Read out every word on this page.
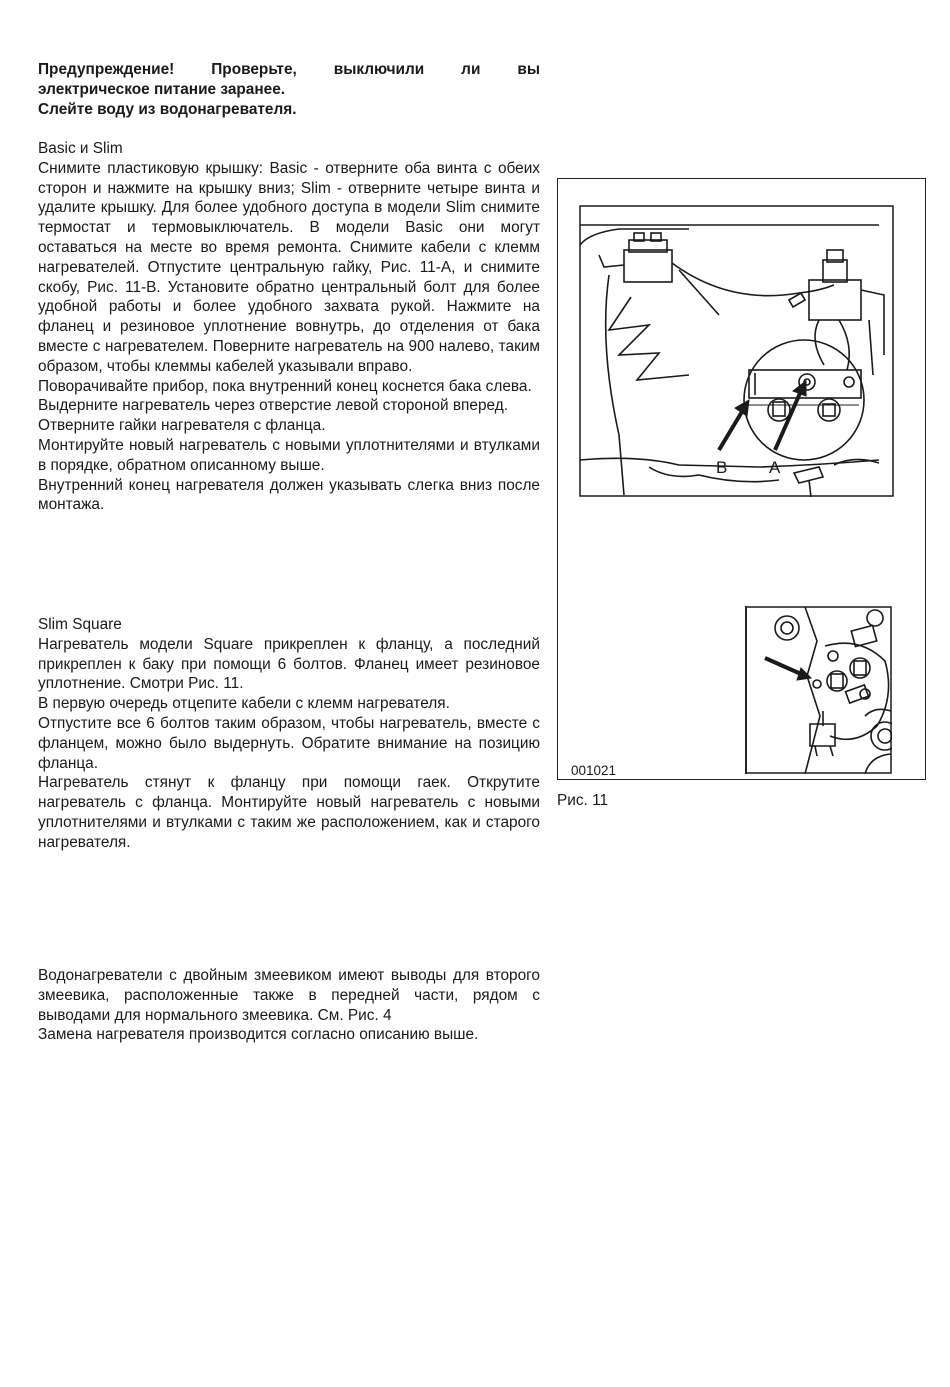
Предупреждение! Проверьте, выключили ли вы

электрическое питание заранее.

Слейте воду из водонагревателя.

Basic и Slim

Снимите пластиковую крышку: Basic - отверните оба винта с обеих сторон и нажмите на крышку вниз; Slim - отверните четыре винта и удалите крышку. Для более удобного доступа в модели Slim снимите термостат и термовыключатель. В модели Basic они могут оставаться на месте во время ремонта. Снимите кабели с клемм нагревателей. Отпустите центральную гайку, Рис. 11-А, и снимите скобу, Рис. 11-В. Установите обратно центральный болт для более удобной работы и более удобного захвата рукой. Нажмите на фланец и резиновое уплотнение вовнутрь, до отделения от бака вместе с нагревателем. Поверните нагреватель на 900 налево, таким образом, чтобы клеммы кабелей указывали вправо.

Поворачивайте прибор, пока внутренний конец коснется бака слева.

Выдерните нагреватель через отверстие левой стороной вперед.

Отверните гайки нагревателя с фланца.

Монтируйте новый нагреватель с новыми уплотнителями и втулками в порядке, обратном описанному выше.

Внутренний конец нагревателя должен указывать слегка вниз после монтажа.

Slim Square

Нагреватель модели Square прикреплен к фланцу, а последний прикреплен к баку при помощи 6 болтов. Фланец имеет резиновое уплотнение. Смотри Рис. 11.

В первую очередь отцепите кабели с клемм нагревателя.

Отпустите все 6 болтов таким образом, чтобы нагреватель, вместе с фланцем, можно было выдернуть. Обратите внимание на позицию фланца.

Нагреватель стянут к фланцу при помощи гаек. Открутите нагреватель с фланца. Монтируйте новый нагреватель с новыми уплотнителями и втулками с таким же расположением, как и старого нагревателя.

Водонагреватели с двойным змеевиком имеют выводы для второго змеевика, расположенные также в передней части, рядом с выводами для нормального змеевика. См. Рис. 4

Замена нагревателя производится согласно описанию выше.

B A
001021
Рис. 11
